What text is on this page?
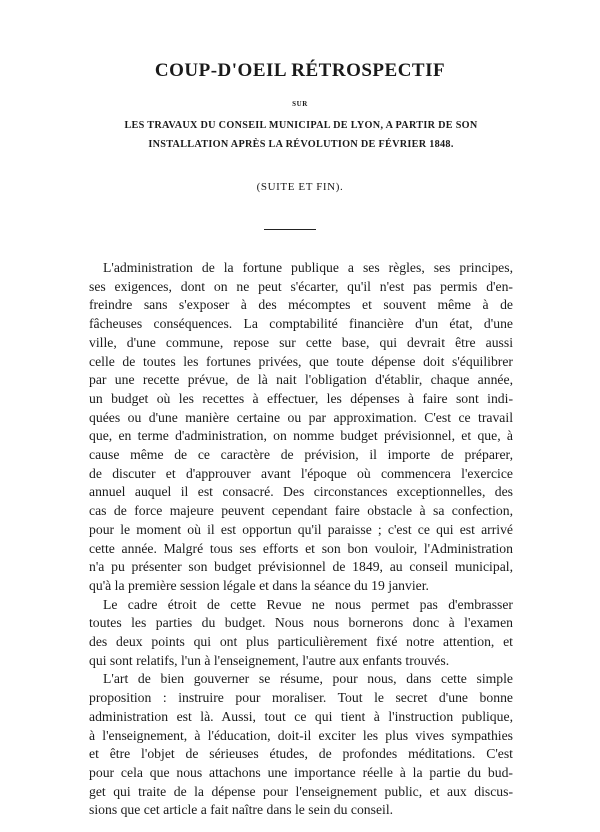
COUP-D'OEIL RÉTROSPECTIF
SUR
LES TRAVAUX DU CONSEIL MUNICIPAL DE LYON, A PARTIR DE SON
INSTALLATION APRÈS LA RÉVOLUTION DE FÉVRIER 1848.
(SUITE ET FIN).
L'administration de la fortune publique a ses règles, ses principes,
ses exigences, dont on ne peut s'écarter, qu'il n'est pas permis d'en-
freindre sans s'exposer à des mécomptes et souvent même à de
fâcheuses conséquences. La comptabilité financière d'un état, d'une
ville, d'une commune, repose sur cette base, qui devrait être aussi
celle de toutes les fortunes privées, que toute dépense doit s'équilibrer
par une recette prévue, de là nait l'obligation d'établir, chaque année,
un budget où les recettes à effectuer, les dépenses à faire sont indi-
quées ou d'une manière certaine ou par approximation. C'est ce travail
que, en terme d'administration, on nomme budget prévisionnel, et que, à
cause même de ce caractère de prévision, il importe de préparer,
de discuter et d'approuver avant l'époque où commencera l'exercice
annuel auquel il est consacré. Des circonstances exceptionnelles, des
cas de force majeure peuvent cependant faire obstacle à sa confection,
pour le moment où il est opportun qu'il paraisse ; c'est ce qui est arrivé
cette année. Malgré tous ses efforts et son bon vouloir, l'Administration
n'a pu présenter son budget prévisionnel de 1849, au conseil municipal,
qu'à la première session légale et dans la séance du 19 janvier.
Le cadre étroit de cette Revue ne nous permet pas d'embrasser
toutes les parties du budget. Nous nous bornerons donc à l'examen
des deux points qui ont plus particulièrement fixé notre attention, et
qui sont relatifs, l'un à l'enseignement, l'autre aux enfants trouvés.
L'art de bien gouverner se résume, pour nous, dans cette simple
proposition : instruire pour moraliser. Tout le secret d'une bonne
administration est là. Aussi, tout ce qui tient à l'instruction publique,
à l'enseignement, à l'éducation, doit-il exciter les plus vives sympathies
et être l'objet de sérieuses études, de profondes méditations. C'est
pour cela que nous attachons une importance réelle à la partie du bud-
get qui traite de la dépense pour l'enseignement public, et aux discus-
sions que cet article a fait naître dans le sein du conseil.
